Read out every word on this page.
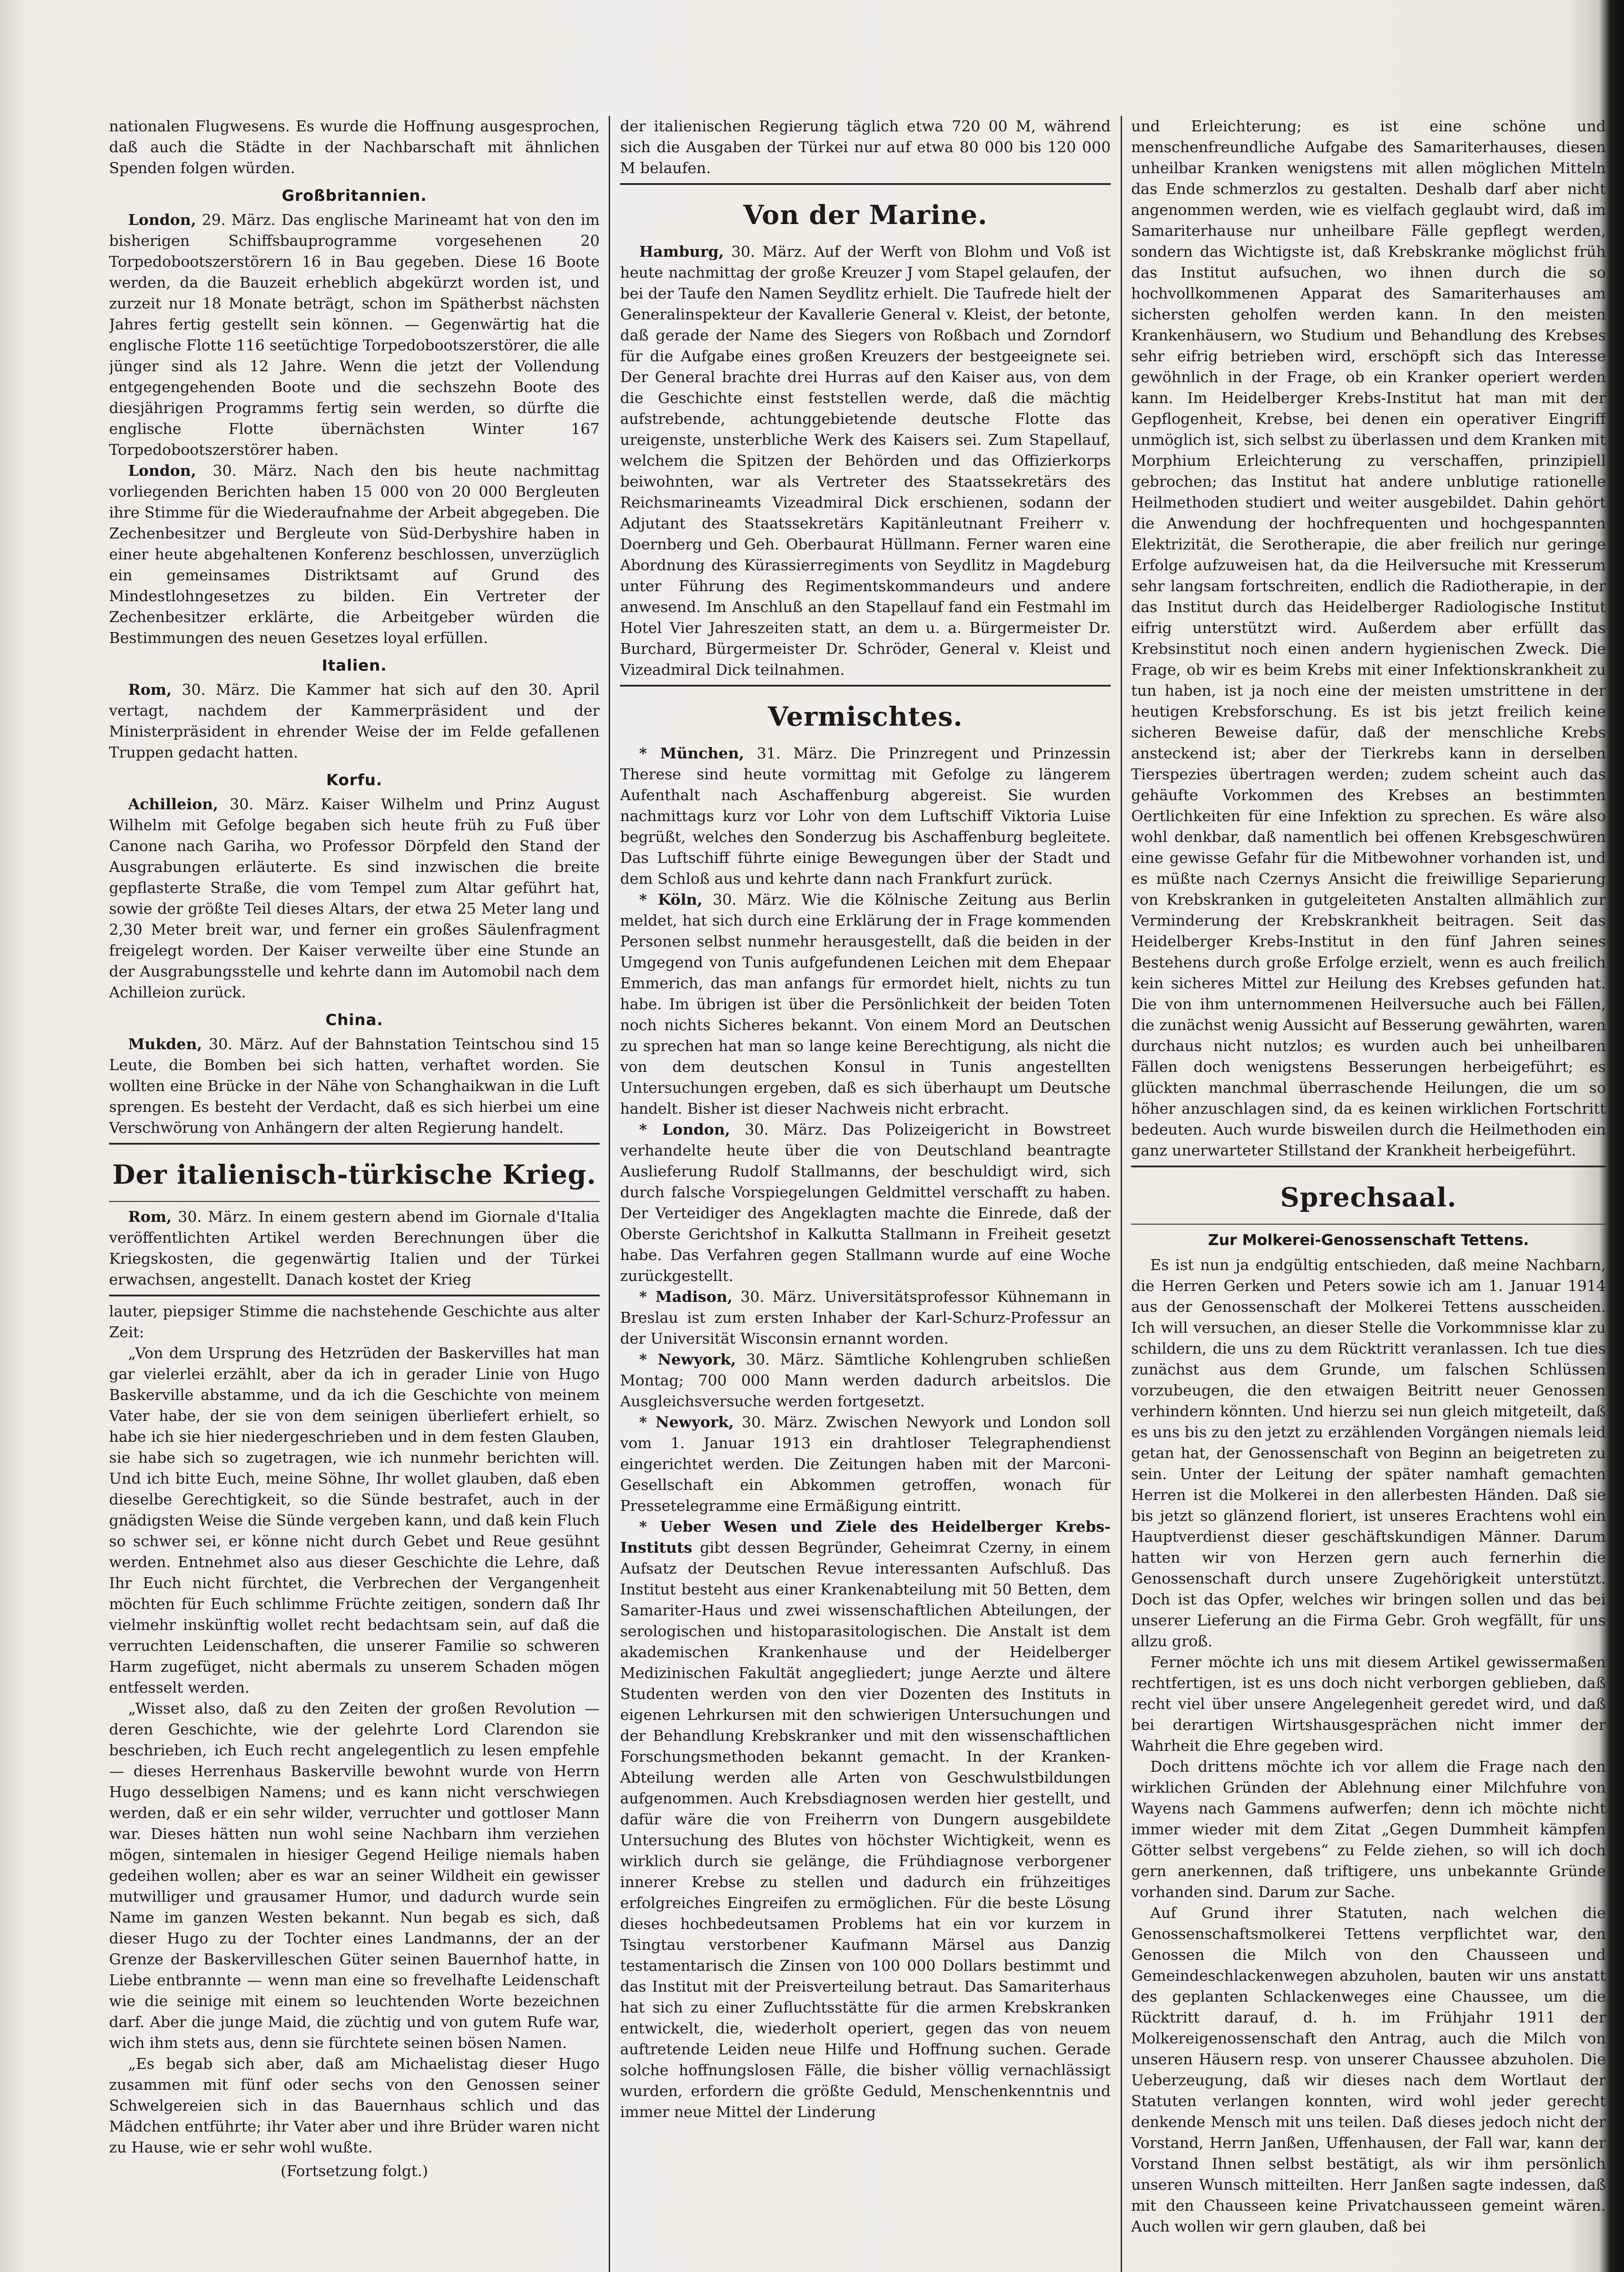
nationalen Flugwesens. Es wurde die Hoffnung ausgesprochen, daß auch die Städte in der Nachbarschaft mit ähnlichen Spenden folgen würden.

Großbritannien.

London, 29. März. Das englische Marineamt hat von den im bisherigen Schiffsbauprogramme vorgesehenen 20 Torpedobootszerstörern 16 in Bau gegeben. Diese 16 Boote werden, da die Bauzeit erheblich abgekürzt worden ist, und zurzeit nur 18 Monate beträgt, schon im Spätherbst nächsten Jahres fertig gestellt sein können. — Gegenwärtig hat die englische Flotte 116 seetüchtige Torpedobootszerstörer, die alle jünger sind als 12 Jahre. Wenn die jetzt der Vollendung entgegengehenden Boote und die sechszehn Boote des diesjährigen Programms fertig sein werden, so dürfte die englische Flotte übernächsten Winter 167 Torpedobootszerstörer haben.

London, 30. März. Nach den bis heute nachmittag vorliegenden Berichten haben 15 000 von 20 000 Bergleuten ihre Stimme für die Wiederaufnahme der Arbeit abgegeben. Die Zechenbesitzer und Bergleute von Süd-Derbyshire haben in einer heute abgehaltenen Konferenz beschlossen, unverzüglich ein gemeinsames Distriktsamt auf Grund des Mindestlohngesetzes zu bilden. Ein Vertreter der Zechenbesitzer erklärte, die Arbeitgeber würden die Bestimmungen des neuen Gesetzes loyal erfüllen.

Italien.

Rom, 30. März. Die Kammer hat sich auf den 30. April vertagt, nachdem der Kammerpräsident und der Ministerpräsident in ehrender Weise der im Felde gefallenen Truppen gedacht hatten.

Korfu.

Achilleion, 30. März. Kaiser Wilhelm und Prinz August Wilhelm mit Gefolge begaben sich heute früh zu Fuß über Canone nach Gariha, wo Professor Dörpfeld den Stand der Ausgrabungen erläuterte. Es sind inzwischen die breite gepflasterte Straße, die vom Tempel zum Altar geführt hat, sowie der größte Teil dieses Altars, der etwa 25 Meter lang und 2,30 Meter breit war, und ferner ein großes Säulenfragment freigelegt worden. Der Kaiser verweilte über eine Stunde an der Ausgrabungsstelle und kehrte dann im Automobil nach dem Achilleion zurück.

China.

Mukden, 30. März. Auf der Bahnstation Teintschou sind 15 Leute, die Bomben bei sich hatten, verhaftet worden. Sie wollten eine Brücke in der Nähe von Schanghaikwan in die Luft sprengen. Es besteht der Verdacht, daß es sich hierbei um eine Verschwörung von Anhängern der alten Regierung handelt.

Der italienisch-türkische Krieg.

Rom, 30. März. In einem gestern abend im Giornale d'Italia veröffentlichten Artikel werden Berechnungen über die Kriegskosten, die gegenwärtig Italien und der Türkei erwachsen, angestellt. Danach kostet der Krieg

lauter, piepsiger Stimme die nachstehende Geschichte aus alter Zeit:

„Von dem Ursprung des Hetzrüden der Baskervilles hat man gar vielerlei erzählt, aber da ich in gerader Linie von Hugo Baskerville abstamme, und da ich die Geschichte von meinem Vater habe, der sie von dem seinigen überliefert erhielt, so habe ich sie hier niedergeschrieben und in dem festen Glauben, sie habe sich so zugetragen, wie ich nunmehr berichten will. Und ich bitte Euch, meine Söhne, Ihr wollet glauben, daß eben dieselbe Gerechtigkeit, so die Sünde bestrafet, auch in der gnädigsten Weise die Sünde vergeben kann, und daß kein Fluch so schwer sei, er könne nicht durch Gebet und Reue gesühnt werden. Entnehmet also aus dieser Geschichte die Lehre, daß Ihr Euch nicht fürchtet, die Verbrechen der Vergangenheit möchten für Euch schlimme Früchte zeitigen, sondern daß Ihr vielmehr inskünftig wollet recht bedachtsam sein, auf daß die verruchten Leidenschaften, die unserer Familie so schweren Harm zugefüget, nicht abermals zu unserem Schaden mögen entfesselt werden.

„Wisset also, daß zu den Zeiten der großen Revolution — deren Geschichte, wie der gelehrte Lord Clarendon sie beschrieben, ich Euch recht angelegentlich zu lesen empfehle — dieses Herrenhaus Baskerville bewohnt wurde von Herrn Hugo desselbigen Namens; und es kann nicht verschwiegen werden, daß er ein sehr wilder, verruchter und gottloser Mann war. Dieses hätten nun wohl seine Nachbarn ihm verziehen mögen, sintemalen in hiesiger Gegend Heilige niemals haben gedeihen wollen; aber es war an seiner Wildheit ein gewisser mutwilliger und grausamer Humor, und dadurch wurde sein Name im ganzen Westen bekannt. Nun begab es sich, daß dieser Hugo zu der Tochter eines Landmanns, der an der Grenze der Baskervilleschen Güter seinen Bauernhof hatte, in Liebe entbrannte — wenn man eine so frevelhafte Leidenschaft wie die seinige mit einem so leuchtenden Worte bezeichnen darf. Aber die junge Maid, die züchtig und von gutem Rufe war, wich ihm stets aus, denn sie fürchtete seinen bösen Namen.

„Es begab sich aber, daß am Michaelistag dieser Hugo zusammen mit fünf oder sechs von den Genossen seiner Schwelgereien sich in das Bauernhaus schlich und das Mädchen entführte; ihr Vater aber und ihre Brüder waren nicht zu Hause, wie er sehr wohl wußte.

(Fortsetzung folgt.)

der italienischen Regierung täglich etwa 720 00 M, während sich die Ausgaben der Türkei nur auf etwa 80 000 bis 120 000 M belaufen.

Von der Marine.

Hamburg, 30. März. Auf der Werft von Blohm und Voß ist heute nachmittag der große Kreuzer J vom Stapel gelaufen, der bei der Taufe den Namen Seydlitz erhielt. Die Taufrede hielt der Generalinspekteur der Kavallerie General v. Kleist, der betonte, daß gerade der Name des Siegers von Roßbach und Zorndorf für die Aufgabe eines großen Kreuzers der bestgeeignete sei. Der General brachte drei Hurras auf den Kaiser aus, von dem die Geschichte einst feststellen werde, daß die mächtig aufstrebende, achtunggebietende deutsche Flotte das ureigenste, unsterbliche Werk des Kaisers sei. Zum Stapellauf, welchem die Spitzen der Behörden und das Offizierkorps beiwohnten, war als Vertreter des Staatssekretärs des Reichsmarineamts Vizeadmiral Dick erschienen, sodann der Adjutant des Staatssekretärs Kapitänleutnant Freiherr v. Doernberg und Geh. Oberbaurat Hüllmann. Ferner waren eine Abordnung des Kürassierregiments von Seydlitz in Magdeburg unter Führung des Regimentskommandeurs und andere anwesend. Im Anschluß an den Stapellauf fand ein Festmahl im Hotel Vier Jahreszeiten statt, an dem u. a. Bürgermeister Dr. Burchard, Bürgermeister Dr. Schröder, General v. Kleist und Vizeadmiral Dick teilnahmen.

Vermischtes.

* München, 31. März. Die Prinzregent und Prinzessin Therese sind heute vormittag mit Gefolge zu längerem Aufenthalt nach Aschaffenburg abgereist. Sie wurden nachmittags kurz vor Lohr von dem Luftschiff Viktoria Luise begrüßt, welches den Sonderzug bis Aschaffenburg begleitete. Das Luftschiff führte einige Bewegungen über der Stadt und dem Schloß aus und kehrte dann nach Frankfurt zurück.

* Köln, 30. März. Wie die Kölnische Zeitung aus Berlin meldet, hat sich durch eine Erklärung der in Frage kommenden Personen selbst nunmehr herausgestellt, daß die beiden in der Umgegend von Tunis aufgefundenen Leichen mit dem Ehepaar Emmerich, das man anfangs für ermordet hielt, nichts zu tun habe. Im übrigen ist über die Persönlichkeit der beiden Toten noch nichts Sicheres bekannt. Von einem Mord an Deutschen zu sprechen hat man so lange keine Berechtigung, als nicht die von dem deutschen Konsul in Tunis angestellten Untersuchungen ergeben, daß es sich überhaupt um Deutsche handelt. Bisher ist dieser Nachweis nicht erbracht.

* London, 30. März. Das Polizeigericht in Bowstreet verhandelte heute über die von Deutschland beantragte Auslieferung Rudolf Stallmanns, der beschuldigt wird, sich durch falsche Vorspiegelungen Geldmittel verschafft zu haben. Der Verteidiger des Angeklagten machte die Einrede, daß der Oberste Gerichtshof in Kalkutta Stallmann in Freiheit gesetzt habe. Das Verfahren gegen Stallmann wurde auf eine Woche zurückgestellt.

* Madison, 30. März. Universitätsprofessor Kühnemann in Breslau ist zum ersten Inhaber der Karl-Schurz-Professur an der Universität Wisconsin ernannt worden.

* Newyork, 30. März. Sämtliche Kohlengruben schließen Montag; 700 000 Mann werden dadurch arbeitslos. Die Ausgleichsversuche werden fortgesetzt.

* Newyork, 30. März. Zwischen Newyork und London soll vom 1. Januar 1913 ein drahtloser Telegraphendienst eingerichtet werden. Die Zeitungen haben mit der Marconi-Gesellschaft ein Abkommen getroffen, wonach für Pressetelegramme eine Ermäßigung eintritt.

* Ueber Wesen und Ziele des Heidelberger Krebs-Instituts gibt dessen Begründer, Geheimrat Czerny, in einem Aufsatz der Deutschen Revue interessanten Aufschluß. Das Institut besteht aus einer Krankenabteilung mit 50 Betten, dem Samariter-Haus und zwei wissenschaftlichen Abteilungen, der serologischen und histoparasitologischen. Die Anstalt ist dem akademischen Krankenhause und der Heidelberger Medizinischen Fakultät angegliedert; junge Aerzte und ältere Studenten werden von den vier Dozenten des Instituts in eigenen Lehrkursen mit den schwierigen Untersuchungen und der Behandlung Krebskranker und mit den wissenschaftlichen Forschungsmethoden bekannt gemacht. In der Kranken-Abteilung werden alle Arten von Geschwulstbildungen aufgenommen. Auch Krebsdiagnosen werden hier gestellt, und dafür wäre die von Freiherrn von Dungern ausgebildete Untersuchung des Blutes von höchster Wichtigkeit, wenn es wirklich durch sie gelänge, die Frühdiagnose verborgener innerer Krebse zu stellen und dadurch ein frühzeitiges erfolgreiches Eingreifen zu ermöglichen. Für die beste Lösung dieses hochbedeutsamen Problems hat ein vor kurzem in Tsingtau verstorbener Kaufmann Märsel aus Danzig testamentarisch die Zinsen von 100 000 Dollars bestimmt und das Institut mit der Preisverteilung betraut. Das Samariterhaus hat sich zu einer Zufluchtsstätte für die armen Krebskranken entwickelt, die, wiederholt operiert, gegen das von neuem auftretende Leiden neue Hilfe und Hoffnung suchen. Gerade solche hoffnungslosen Fälle, die bisher völlig vernachlässigt wurden, erfordern die größte Geduld, Menschenkenntnis und immer neue Mittel der Linderung

und Erleichterung; es ist eine schöne und menschenfreundliche Aufgabe des Samariterhauses, diesen unheilbar Kranken wenigstens mit allen möglichen Mitteln das Ende schmerzlos zu gestalten. Deshalb darf aber nicht angenommen werden, wie es vielfach geglaubt wird, daß im Samariterhause nur unheilbare Fälle gepflegt werden, sondern das Wichtigste ist, daß Krebskranke möglichst früh das Institut aufsuchen, wo ihnen durch die so hochvollkommenen Apparat des Samariterhauses am sichersten geholfen werden kann. In den meisten Krankenhäusern, wo Studium und Behandlung des Krebses sehr eifrig betrieben wird, erschöpft sich das Interesse gewöhnlich in der Frage, ob ein Kranker operiert werden kann. Im Heidelberger Krebs-Institut hat man mit der Gepflogenheit, Krebse, bei denen ein operativer Eingriff unmöglich ist, sich selbst zu überlassen und dem Kranken mit Morphium Erleichterung zu verschaffen, prinzipiell gebrochen; das Institut hat andere unblutige rationelle Heilmethoden studiert und weiter ausgebildet. Dahin gehört die Anwendung der hochfrequenten und hochgespannten Elektrizität, die Serotherapie, die aber freilich nur geringe Erfolge aufzuweisen hat, da die Heilversuche mit Kresserum sehr langsam fortschreiten, endlich die Radiotherapie, in der das Institut durch das Heidelberger Radiologische Institut eifrig unterstützt wird. Außerdem aber erfüllt das Krebsinstitut noch einen andern hygienischen Zweck. Die Frage, ob wir es beim Krebs mit einer Infektionskrankheit zu tun haben, ist ja noch eine der meisten umstrittene in der heutigen Krebsforschung. Es ist bis jetzt freilich keine sicheren Beweise dafür, daß der menschliche Krebs ansteckend ist; aber der Tierkrebs kann in derselben Tierspezies übertragen werden; zudem scheint auch das gehäufte Vorkommen des Krebses an bestimmten Oertlichkeiten für eine Infektion zu sprechen. Es wäre also wohl denkbar, daß namentlich bei offenen Krebsgeschwüren eine gewisse Gefahr für die Mitbewohner vorhanden ist, und es müßte nach Czernys Ansicht die freiwillige Separierung von Krebskranken in gutgeleiteten Anstalten allmählich zur Verminderung der Krebskrankheit beitragen. Seit das Heidelberger Krebs-Institut in den fünf Jahren seines Bestehens durch große Erfolge erzielt, wenn es auch freilich kein sicheres Mittel zur Heilung des Krebses gefunden hat. Die von ihm unternommenen Heilversuche auch bei Fällen, die zunächst wenig Aussicht auf Besserung gewährten, waren durchaus nicht nutzlos; es wurden auch bei unheilbaren Fällen doch wenigstens Besserungen herbeigeführt; es glückten manchmal überraschende Heilungen, die um so höher anzuschlagen sind, da es keinen wirklichen Fortschritt bedeuten. Auch wurde bisweilen durch die Heilmethoden ein ganz unerwarteter Stillstand der Krankheit herbeigeführt.

Sprechsaal.
Zur Molkerei-Genossenschaft Tettens.

Es ist nun ja endgültig entschieden, daß meine Nachbarn, die Herren Gerken und Peters sowie ich am 1. Januar 1914 aus der Genossenschaft der Molkerei Tettens ausscheiden. Ich will versuchen, an dieser Stelle die Vorkommnisse klar zu schildern, die uns zu dem Rücktritt veranlassen. Ich tue dies zunächst aus dem Grunde, um falschen Schlüssen vorzubeugen, die den etwaigen Beitritt neuer Genossen verhindern könnten. Und hierzu sei nun gleich mitgeteilt, daß es uns bis zu den jetzt zu erzählenden Vorgängen niemals leid getan hat, der Genossenschaft von Beginn an beigetreten zu sein. Unter der Leitung der später namhaft gemachten Herren ist die Molkerei in den allerbesten Händen. Daß sie bis jetzt so glänzend floriert, ist unseres Erachtens wohl ein Hauptverdienst dieser geschäftskundigen Männer. Darum hatten wir von Herzen gern auch fernerhin die Genossenschaft durch unsere Zugehörigkeit unterstützt. Doch ist das Opfer, welches wir bringen sollen und das bei unserer Lieferung an die Firma Gebr. Groh wegfällt, für uns allzu groß.

Ferner möchte ich uns mit diesem Artikel gewissermaßen rechtfertigen, ist es uns doch nicht verborgen geblieben, daß recht viel über unsere Angelegenheit geredet wird, und daß bei derartigen Wirtshausgesprächen nicht immer der Wahrheit die Ehre gegeben wird.

Doch drittens möchte ich vor allem die Frage nach den wirklichen Gründen der Ablehnung einer Milchfuhre von Wayens nach Gammens aufwerfen; denn ich möchte nicht immer wieder mit dem Zitat „Gegen Dummheit kämpfen Götter selbst vergebens“ zu Felde ziehen, so will ich doch gern anerkennen, daß triftigere, uns unbekannte Gründe vorhanden sind. Darum zur Sache.

Auf Grund ihrer Statuten, nach welchen die Genossenschaftsmolkerei Tettens verpflichtet war, den Genossen die Milch von den Chausseen und Gemeindeschlackenwegen abzuholen, bauten wir uns anstatt des geplanten Schlackenweges eine Chaussee, um die Rücktritt darauf, d. h. im Frühjahr 1911 der Molkereigenossenschaft den Antrag, auch die Milch von unseren Häusern resp. von unserer Chaussee abzuholen. Die Ueberzeugung, daß wir dieses nach dem Wortlaut der Statuten verlangen konnten, wird wohl jeder gerecht denkende Mensch mit uns teilen. Daß dieses jedoch nicht der Vorstand, Herrn Janßen, Uffenhausen, der Fall war, kann der Vorstand Ihnen selbst bestätigt, als wir ihm persönlich unseren Wunsch mitteilten. Herr Janßen sagte indessen, daß mit den Chausseen keine Privatchausseen gemeint wären. Auch wollen wir gern glauben, daß bei
